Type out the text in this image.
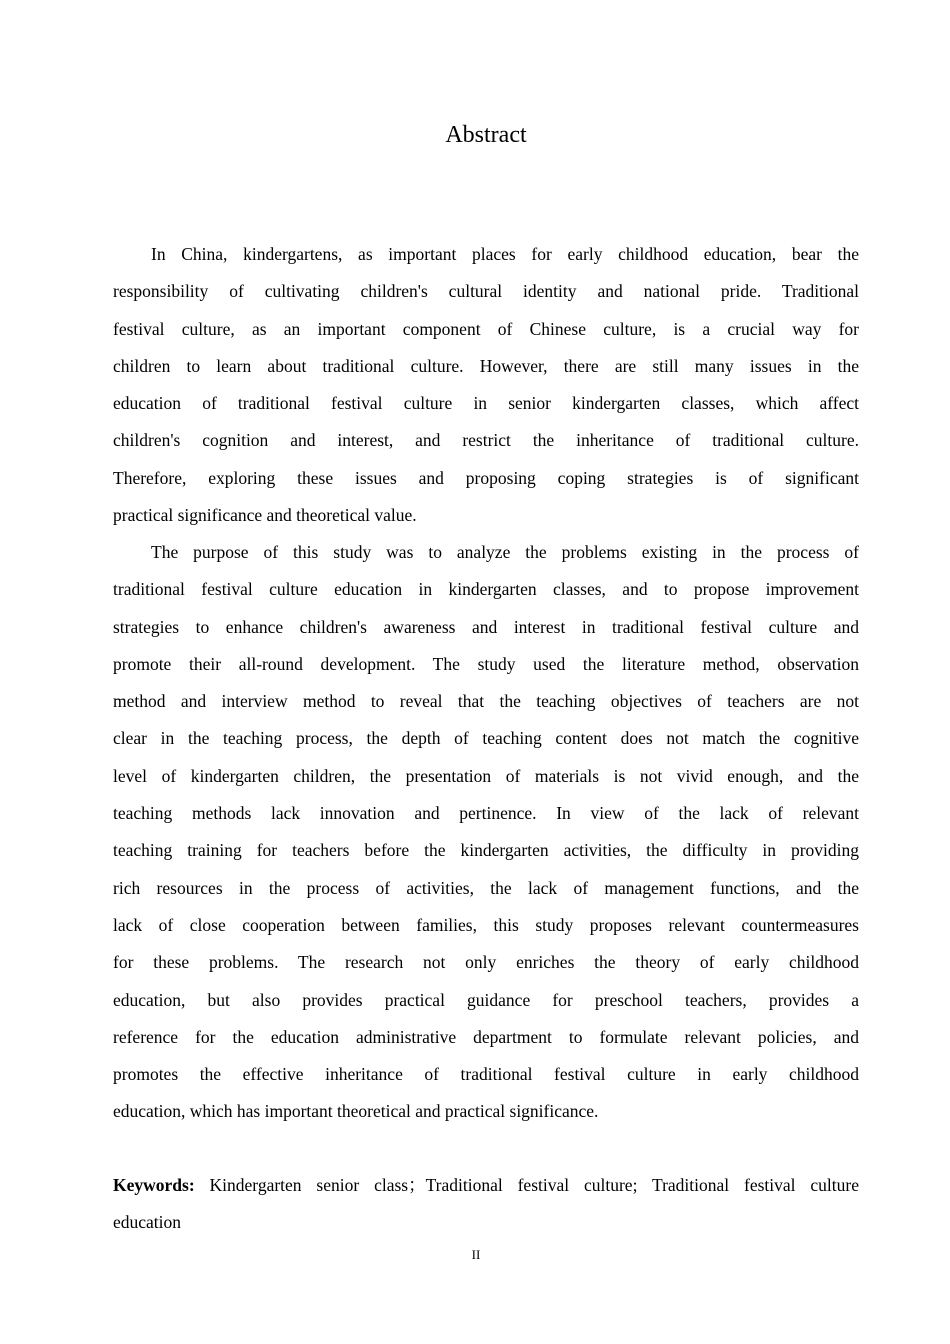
Abstract
In China, kindergartens, as important places for early childhood education, bear the
responsibility of cultivating children's cultural identity and national pride. Traditional
festival culture, as an important component of Chinese culture, is a crucial way for
children to learn about traditional culture. However, there are still many issues in the
education of traditional festival culture in senior kindergarten classes, which affect
children's cognition and interest, and restrict the inheritance of traditional culture.
Therefore, exploring these issues and proposing coping strategies is of significant
practical significance and theoretical value.
The purpose of this study was to analyze the problems existing in the process of
traditional festival culture education in kindergarten classes, and to propose improvement
strategies to enhance children's awareness and interest in traditional festival culture and
promote their all-round development. The study used the literature method, observation
method and interview method to reveal that the teaching objectives of teachers are not
clear in the teaching process, the depth of teaching content does not match the cognitive
level of kindergarten children, the presentation of materials is not vivid enough, and the
teaching methods lack innovation and pertinence. In view of the lack of relevant
teaching training for teachers before the kindergarten activities, the difficulty in providing
rich resources in the process of activities, the lack of management functions, and the
lack of close cooperation between families, this study proposes relevant countermeasures
for these problems. The research not only enriches the theory of early childhood
education, but also provides practical guidance for preschool teachers, provides a
reference for the education administrative department to formulate relevant policies, and
promotes the effective inheritance of traditional festival culture in early childhood
education, which has important theoretical and practical significance.
Keywords: Kindergarten senior class；Traditional festival culture; Traditional festival culture
education
II
